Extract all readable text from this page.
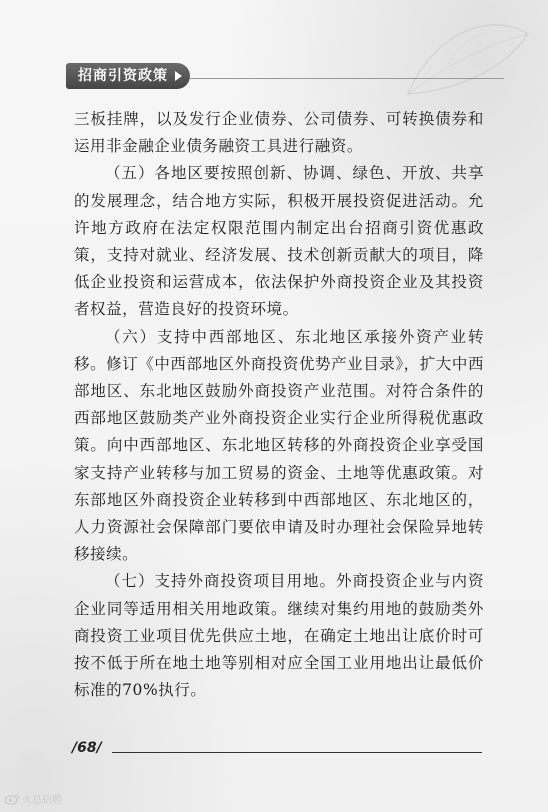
招商引资政策

三板挂牌，以及发行企业债券、公司债券、可转换债券和运用非金融企业债务融资工具进行融资。

（五）各地区要按照创新、协调、绿色、开放、共享的发展理念，结合地方实际，积极开展投资促进活动。允许地方政府在法定权限范围内制定出台招商引资优惠政策，支持对就业、经济发展、技术创新贡献大的项目，降低企业投资和运营成本，依法保护外商投资企业及其投资者权益，营造良好的投资环境。

（六）支持中西部地区、东北地区承接外资产业转移。修订《中西部地区外商投资优势产业目录》，扩大中西部地区、东北地区鼓励外商投资产业范围。对符合条件的西部地区鼓励类产业外商投资企业实行企业所得税优惠政策。向中西部地区、东北地区转移的外商投资企业享受国家支持产业转移与加工贸易的资金、土地等优惠政策。对东部地区外商投资企业转移到中西部地区、东北地区的，人力资源社会保障部门要依申请及时办理社会保险异地转移接续。

（七）支持外商投资项目用地。外商投资企业与内资企业同等适用相关用地政策。继续对集约用地的鼓励类外商投资工业项目优先供应土地，在确定土地出让底价时可按不低于所在地土地等别相对应全国工业用地出让最低价标准的70%执行。

/68/
火总招聘
